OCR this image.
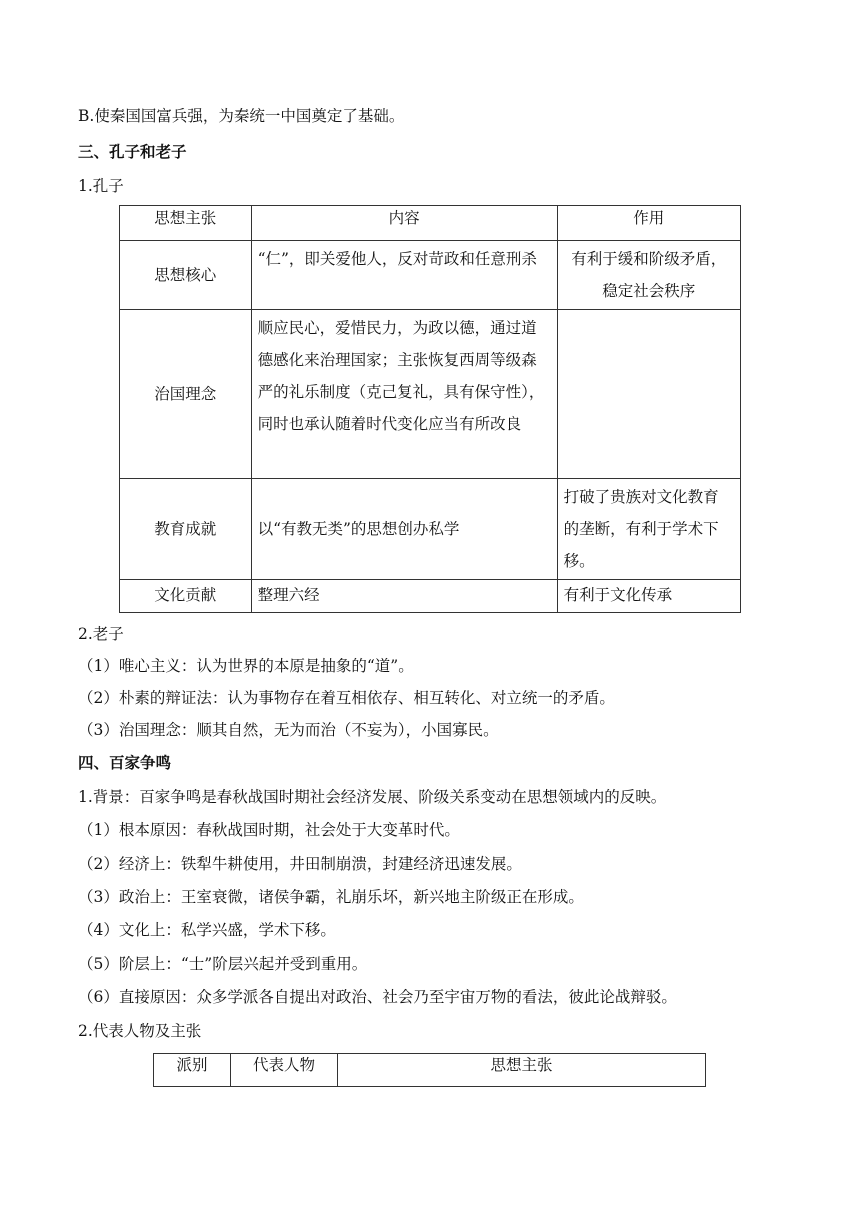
B.使秦国国富兵强，为秦统一中国奠定了基础。
三、孔子和老子
1.孔子
思想主张	内容	作用

思想核心	“仁”，即关爱他人，反对苛政和任意刑杀	有利于缓和阶级矛盾，稳定社会秩序

治国理念	顺应民心，爱惜民力，为政以德，通过道德感化来治理国家；主张恢复西周等级森严的礼乐制度（克己复礼，具有保守性），同时也承认随着时代变化应当有所改良	

教育成就	以“有教无类”的思想创办私学	打破了贵族对文化教育的垄断，有利于学术下移。

文化贡献	整理六经	有利于文化传承
2.老子
（1）唯心主义：认为世界的本原是抽象的“道”。
（2）朴素的辩证法：认为事物存在着互相依存、相互转化、对立统一的矛盾。
（3）治国理念：顺其自然，无为而治（不妄为），小国寡民。
四、百家争鸣
1.背景：百家争鸣是春秋战国时期社会经济发展、阶级关系变动在思想领域内的反映。
（1）根本原因：春秋战国时期，社会处于大变革时代。
（2）经济上：铁犁牛耕使用，井田制崩溃，封建经济迅速发展。
（3）政治上：王室衰微，诸侯争霸，礼崩乐坏，新兴地主阶级正在形成。
（4）文化上：私学兴盛，学术下移。
（5）阶层上：“士”阶层兴起并受到重用。
（6）直接原因：众多学派各自提出对政治、社会乃至宇宙万物的看法，彼此论战辩驳。
2.代表人物及主张
派别	代表人物	思想主张
